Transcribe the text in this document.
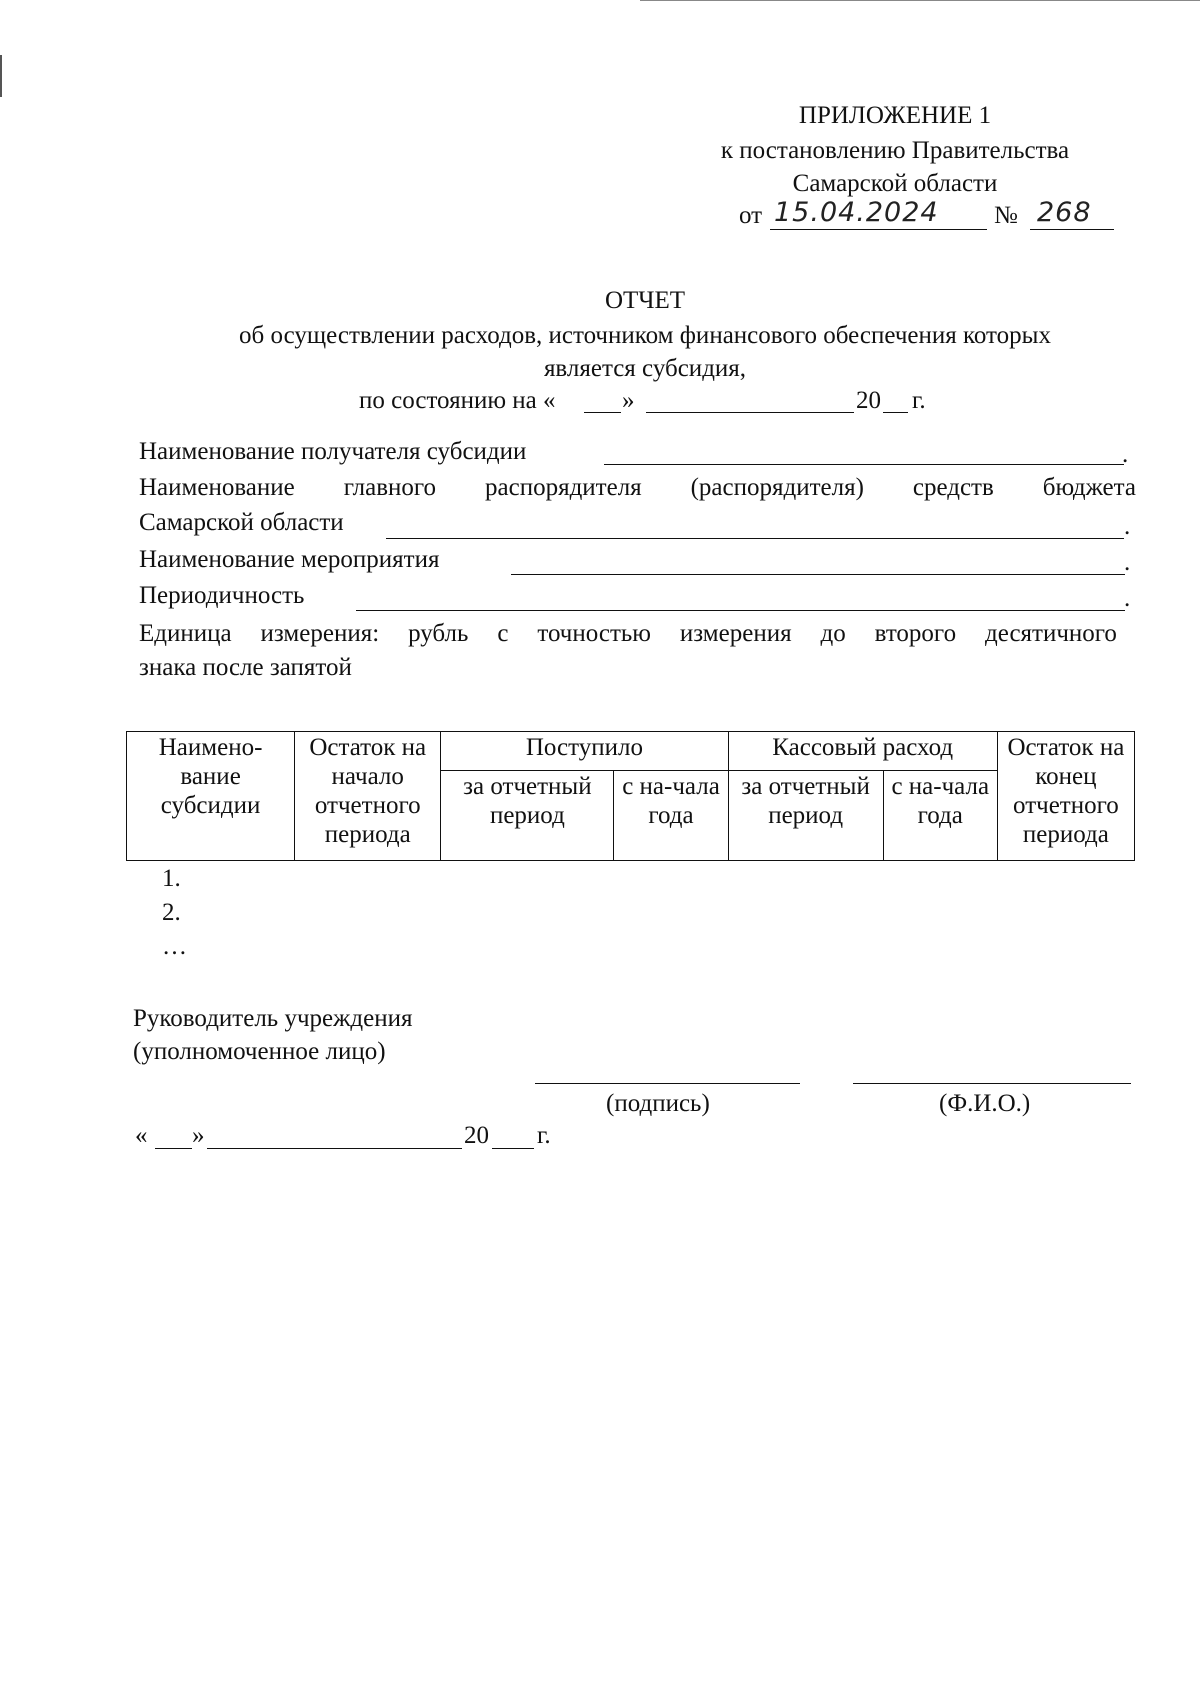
ПРИЛОЖЕНИЕ 1
к постановлению Правительства
Самарской области
от 15.04.2024 № 268
ОТЧЕТ
об осуществлении расходов, источником финансового обеспечения которых
является субсидия,
по состоянию на «	»	20 г.
Наименование получателя субсидии	.
Наименование главного распорядителя (распорядителя) средств бюджета
Самарской области	.
Наименование мероприятия	.
Периодичность	.
Единица измерения: рубль с точностью измерения до второго десятичного
знака после запятой
Наимено-вание субсидии	Остаток на начало отчетного периода	Поступило		Кассовый расход		Остаток на конец отчетного периода
		за отчетный период	с на-чала года	за отчетный период	с на-чала года	
1.
2.
…
Руководитель учреждения
(уполномоченное лицо)
(подпись)	(Ф.И.О.)
« »	20 г.
